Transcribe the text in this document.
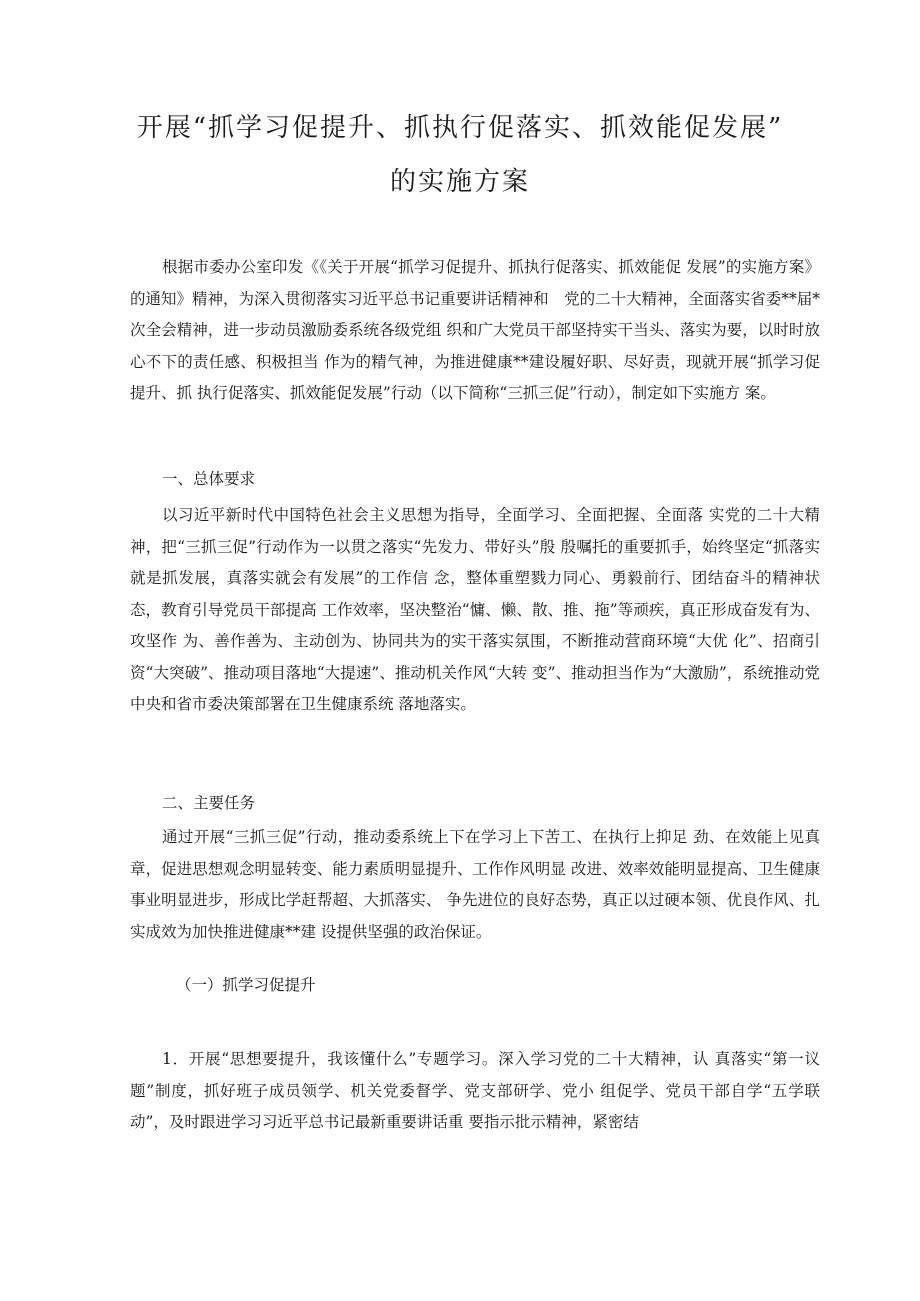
开展“抓学习促提升、抓执行促落实、抓效能促发展”
的实施方案

根据市委办公室印发《《关于开展“抓学习促提升、抓执行促落实、抓效能促 发展”的实施方案》的通知》精神，为深入贯彻落实习近平总书记重要讲话精神和　党的二十大精神，全面落实省委**届*次全会精神，进一步动员激励委系统各级党组 织和广大党员干部坚持实干当头、落实为要，以时时放心不下的责任感、积极担当 作为的精气神，为推进健康**建设履好职、尽好责，现就开展“抓学习促提升、抓 执行促落实、抓效能促发展”行动（以下简称“三抓三促”行动），制定如下实施方 案。

一、总体要求

以习近平新时代中国特色社会主义思想为指导，全面学习、全面把握、全面落 实党的二十大精神，把“三抓三促”行动作为一以贯之落实“先发力、带好头”殷 殷嘱托的重要抓手，始终坚定“抓落实就是抓发展，真落实就会有发展”的工作信 念，整体重塑戮力同心、勇毅前行、团结奋斗的精神状态，教育引导党员干部提高 工作效率，坚决整治“慵、懒、散、推、拖”等顽疾，真正形成奋发有为、攻坚作 为、善作善为、主动创为、协同共为的实干落实氛围，不断推动营商环境“大优 化”、招商引资“大突破”、推动项目落地“大提速”、推动机关作风“大转 变”、推动担当作为“大激励”，系统推动党中央和省市委决策部署在卫生健康系统 落地落实。

二、主要任务

通过开展“三抓三促”行动，推动委系统上下在学习上下苦工、在执行上抑足 劲、在效能上见真章，促进思想观念明显转变、能力素质明显提升、工作作风明显 改进、效率效能明显提高、卫生健康事业明显进步，形成比学赶帮超、大抓落实、 争先进位的良好态势，真正以过硬本领、优良作风、扎实成效为加快推进健康**建 设提供坚强的政治保证。

（一）抓学习促提升

1．开展“思想要提升，我该懂什么”专题学习。深入学习党的二十大精神，认 真落实“第一议题”制度，抓好班子成员领学、机关党委督学、党支部研学、党小 组促学、党员干部自学“五学联动”，及时跟进学习习近平总书记最新重要讲话重 要指示批示精神，紧密结
